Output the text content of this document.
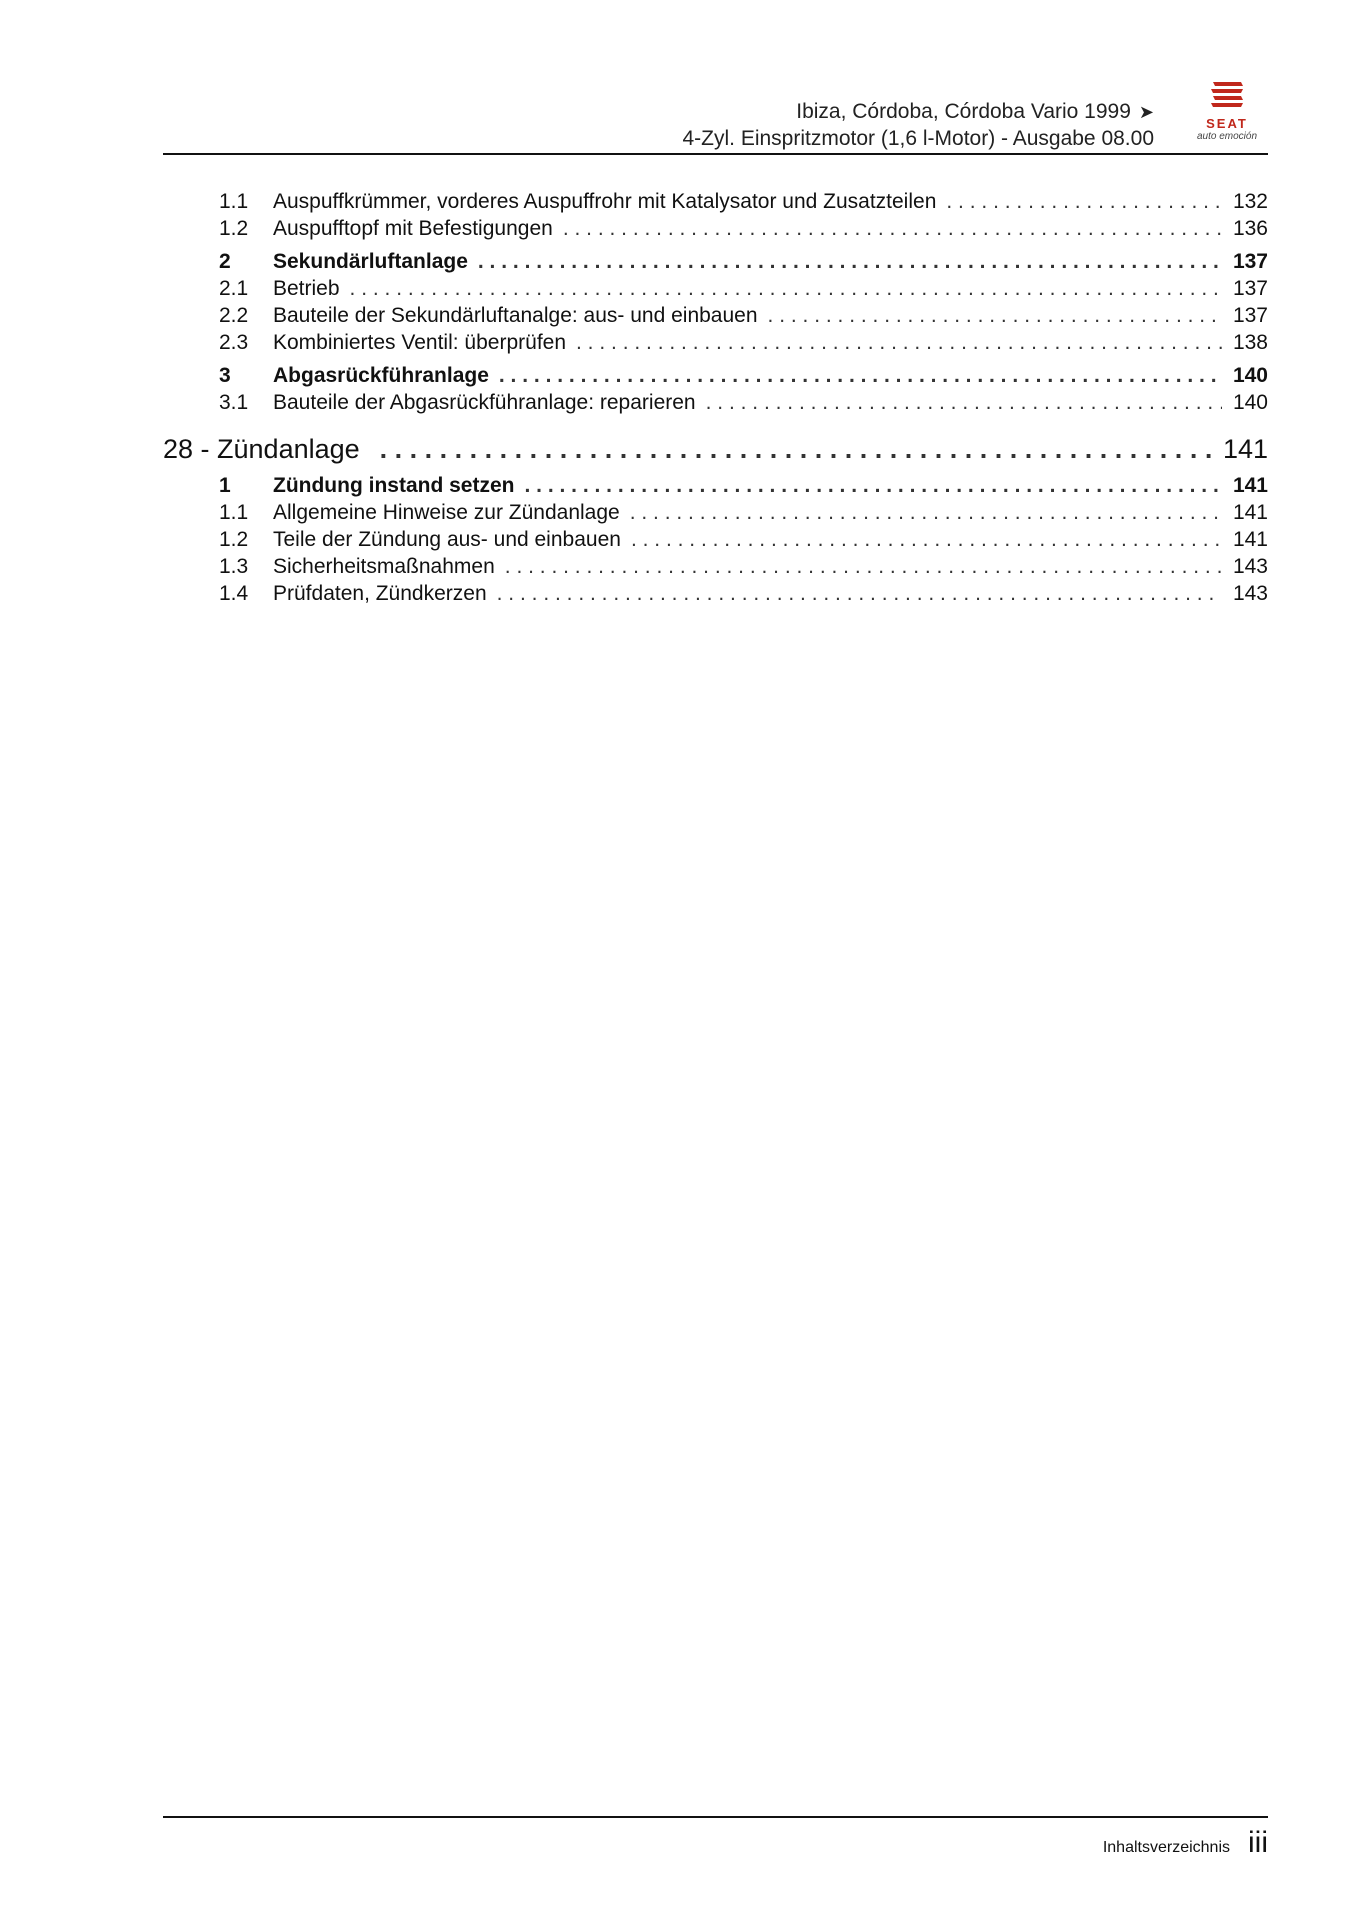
Ibiza, Córdoba, Córdoba Vario 1999 ➤
4-Zyl. Einspritzmotor (1,6 l-Motor) - Ausgabe 08.00
SEAT
auto emoción
1.1	Auspuffkrümmer, vorderes Auspuffrohr mit Katalysator und Zusatzteilen . . .	132
1.2	Auspufftopf mit Befestigungen . . .	136
2	Sekundärluftanlage . . .	137
2.1	Betrieb . . .	137
2.2	Bauteile der Sekundärluftanalge: aus- und einbauen . . .	137
2.3	Kombiniertes Ventil: überprüfen . . .	138
3	Abgasrückführanlage . . .	140
3.1	Bauteile der Abgasrückführanlage: reparieren . . .	140
28 - Zündanlage . . .	141
1	Zündung instand setzen . . .	141
1.1	Allgemeine Hinweise zur Zündanlage . . .	141
1.2	Teile der Zündung aus- und einbauen . . .	141
1.3	Sicherheitsmaßnahmen . . .	143
1.4	Prüfdaten, Zündkerzen . . .	143
Inhaltsverzeichnis iii
